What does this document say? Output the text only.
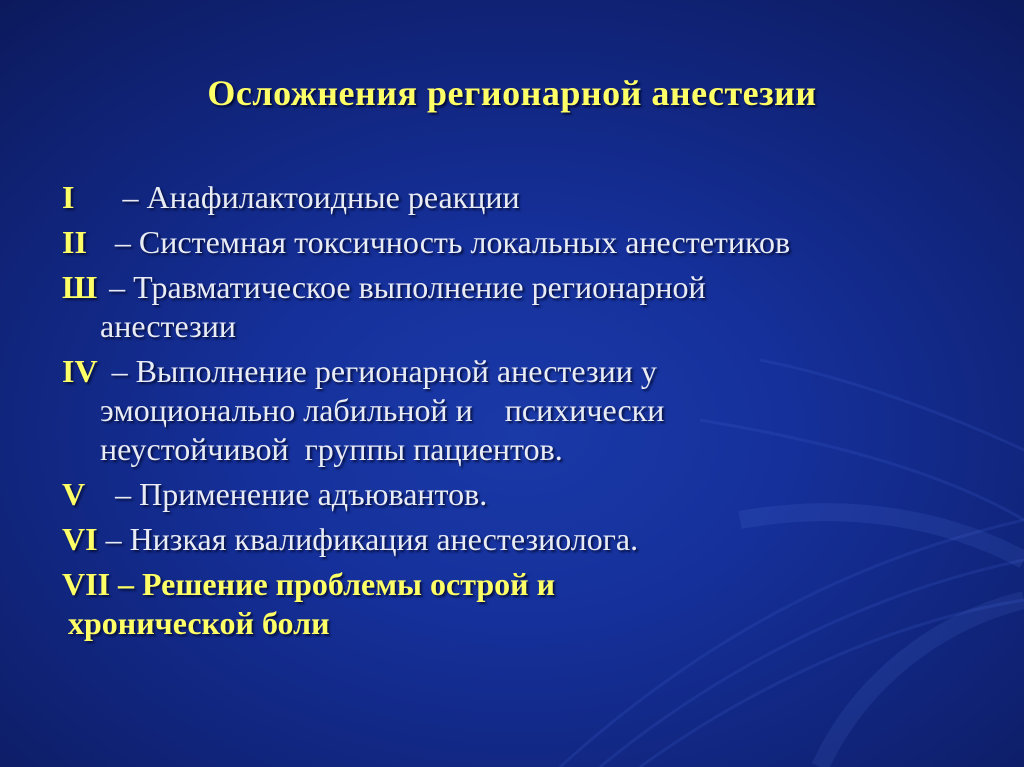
Осложнения регионарной анестезии
I – Анафилактоидные реакции
II – Системная токсичность локальных анестетиков
Ш – Травматическое выполнение регионарной
анестезии
IV – Выполнение регионарной анестезии у
эмоционально лабильной и    психически
неустойчивой  группы пациентов.
V – Применение адъювантов.
VI – Низкая квалификация анестезиолога.
VII – Решение проблемы острой и
хронической боли
